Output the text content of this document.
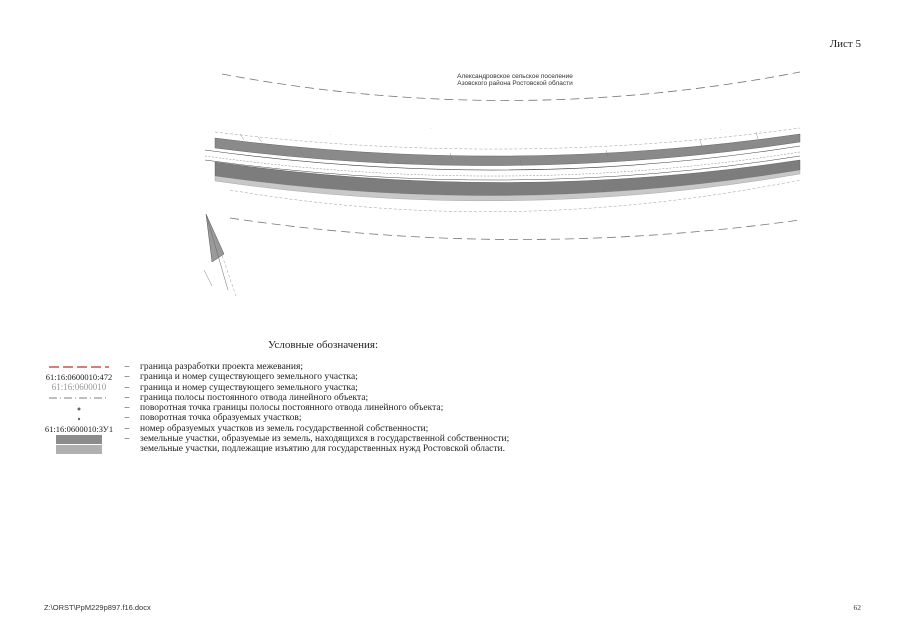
Лист 5
·	·
·	·	·
Александровское сельское поселение
Азовского района Ростовской области
Условные обозначения:
–	граница разработки проекта межевания;
61:16:0600010:472	–	граница и номер существующего земельного участка;
61:16:0600010	–	граница и номер существующего земельного участка;
–	граница полосы постоянного отвода линейного объекта;
·	–	поворотная точка границы полосы постоянного отвода линейного объекта;
–	поворотная точка образуемых участков;
61:16:0600010:ЗУ1	–	номер образуемых участков из земель государственной собственности;
–	земельные участки, образуемые из земель, находящихся в государственной собственности;
земельные участки, подлежащие изъятию для государственных нужд Ростовской области.
Z:\ORST\PpM229p897.f16.docx	62
